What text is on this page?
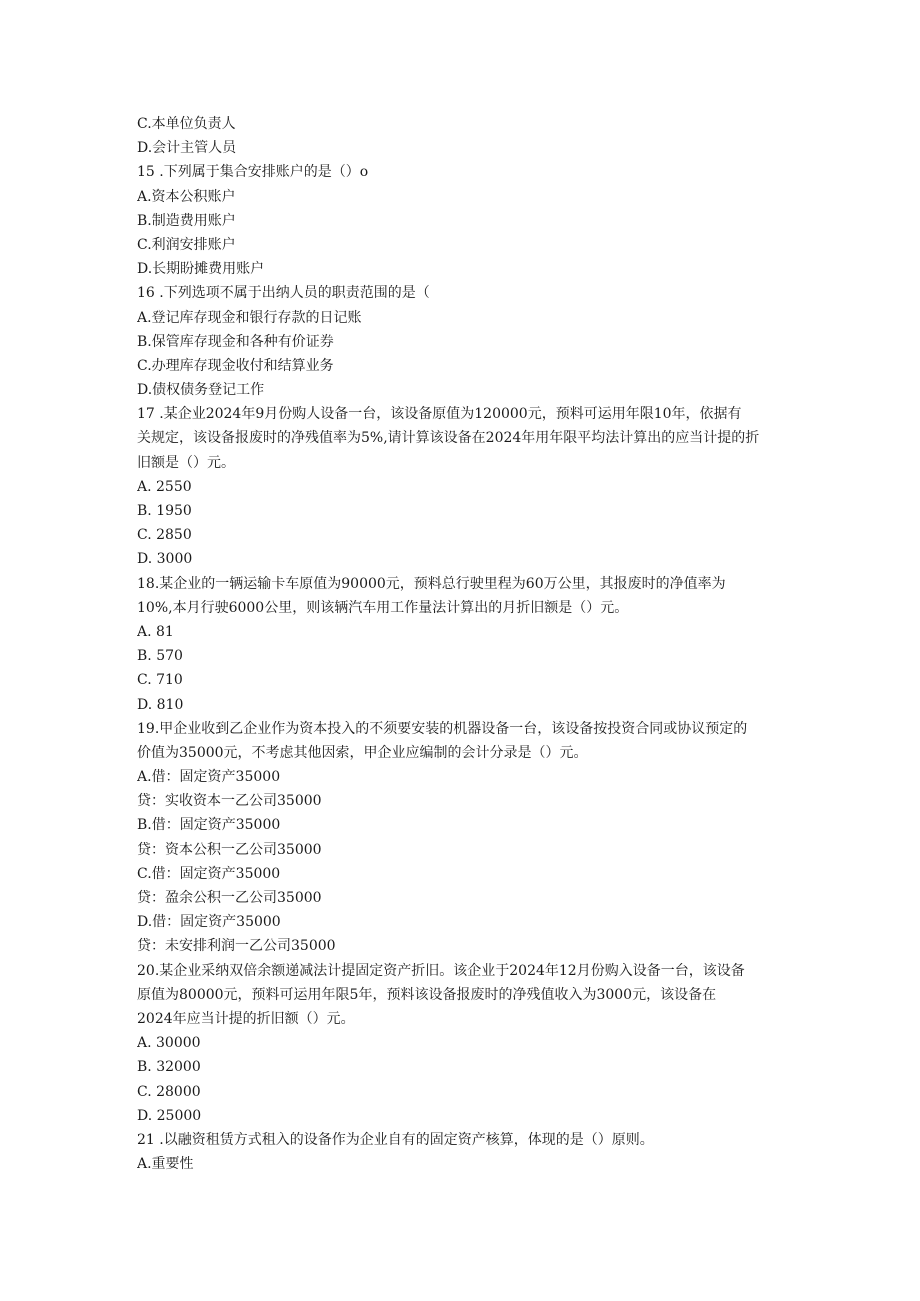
C.本单位负责人
D.会计主管人员
15 .下列属于集合安排账户的是（）o
A.资本公积账户
B.制造费用账户
C.利润安排账户
D.长期盼摊费用账户
16 .下列选项不属于出纳人员的职责范围的是（
A.登记库存现金和银行存款的日记账
B.保管库存现金和各种有价证券
C.办理库存现金收付和结算业务
D.债权债务登记工作
17 .某企业2024年9月份购人设备一台，该设备原值为120000元，预料可运用年限10年，依据有
关规定，该设备报废时的净残值率为5%,请计算该设备在2024年用年限平均法计算出的应当计提的折
旧额是（）元。
A. 2550
B. 1950
C. 2850
D. 3000
18.某企业的一辆运输卡车原值为90000元，预料总行驶里程为60万公里，其报废时的净值率为
10%,本月行驶6000公里，则该辆汽车用工作量法计算出的月折旧额是（）元。
A. 81
B. 570
C. 710
D. 810
19.甲企业收到乙企业作为资本投入的不须要安装的机器设备一台，该设备按投资合同或协议预定的
价值为35000元，不考虑其他因索，甲企业应编制的会计分录是（）元。
A.借：固定资产35000
贷：实收资本一乙公司35000
B.借：固定资产35000
贷：资本公积一乙公司35000
C.借：固定资产35000
贷：盈余公积一乙公司35000
D.借：固定资产35000
贷：未安排利润一乙公司35000
20.某企业采纳双倍余额递减法计提固定资产折旧。该企业于2024年12月份购入设备一台，该设备
原值为80000元，预料可运用年限5年，预料该设备报废时的净残值收入为3000元，该设备在
2024年应当计提的折旧额（）元。
A. 30000
B. 32000
C. 28000
D. 25000
21 .以融资租赁方式租入的设备作为企业自有的固定资产核算，体现的是（）原则。
A.重要性
